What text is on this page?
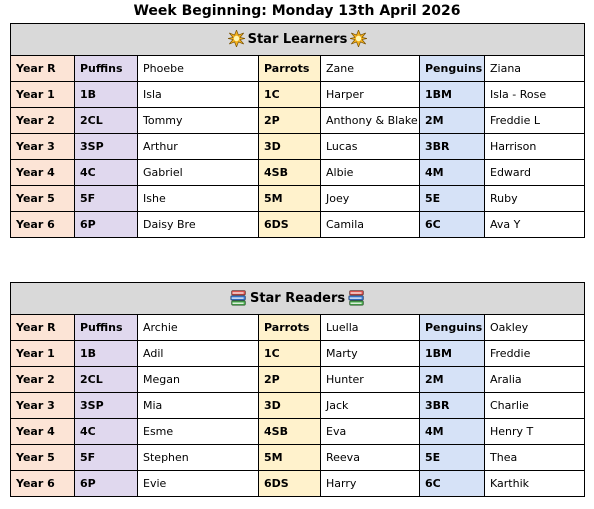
Week Beginning: Monday 13th April 2026
Star Learners						
Year R	Puffins	Phoebe	Parrots	Zane	Penguins	Ziana
Year 1	1B	Isla	1C	Harper	1BM	Isla - Rose
Year 2	2CL	Tommy	2P	Anthony & Blake	2M	Freddie L
Year 3	3SP	Arthur	3D	Lucas	3BR	Harrison
Year 4	4C	Gabriel	4SB	Albie	4M	Edward
Year 5	5F	Ishe	5M	Joey	5E	Ruby
Year 6	6P	Daisy Bre	6DS	Camila	6C	Ava Y
Star Readers						
Year R	Puffins	Archie	Parrots	Luella	Penguins	Oakley
Year 1	1B	Adil	1C	Marty	1BM	Freddie
Year 2	2CL	Megan	2P	Hunter	2M	Aralia
Year 3	3SP	Mia	3D	Jack	3BR	Charlie
Year 4	4C	Esme	4SB	Eva	4M	Henry T
Year 5	5F	Stephen	5M	Reeva	5E	Thea
Year 6	6P	Evie	6DS	Harry	6C	Karthik
